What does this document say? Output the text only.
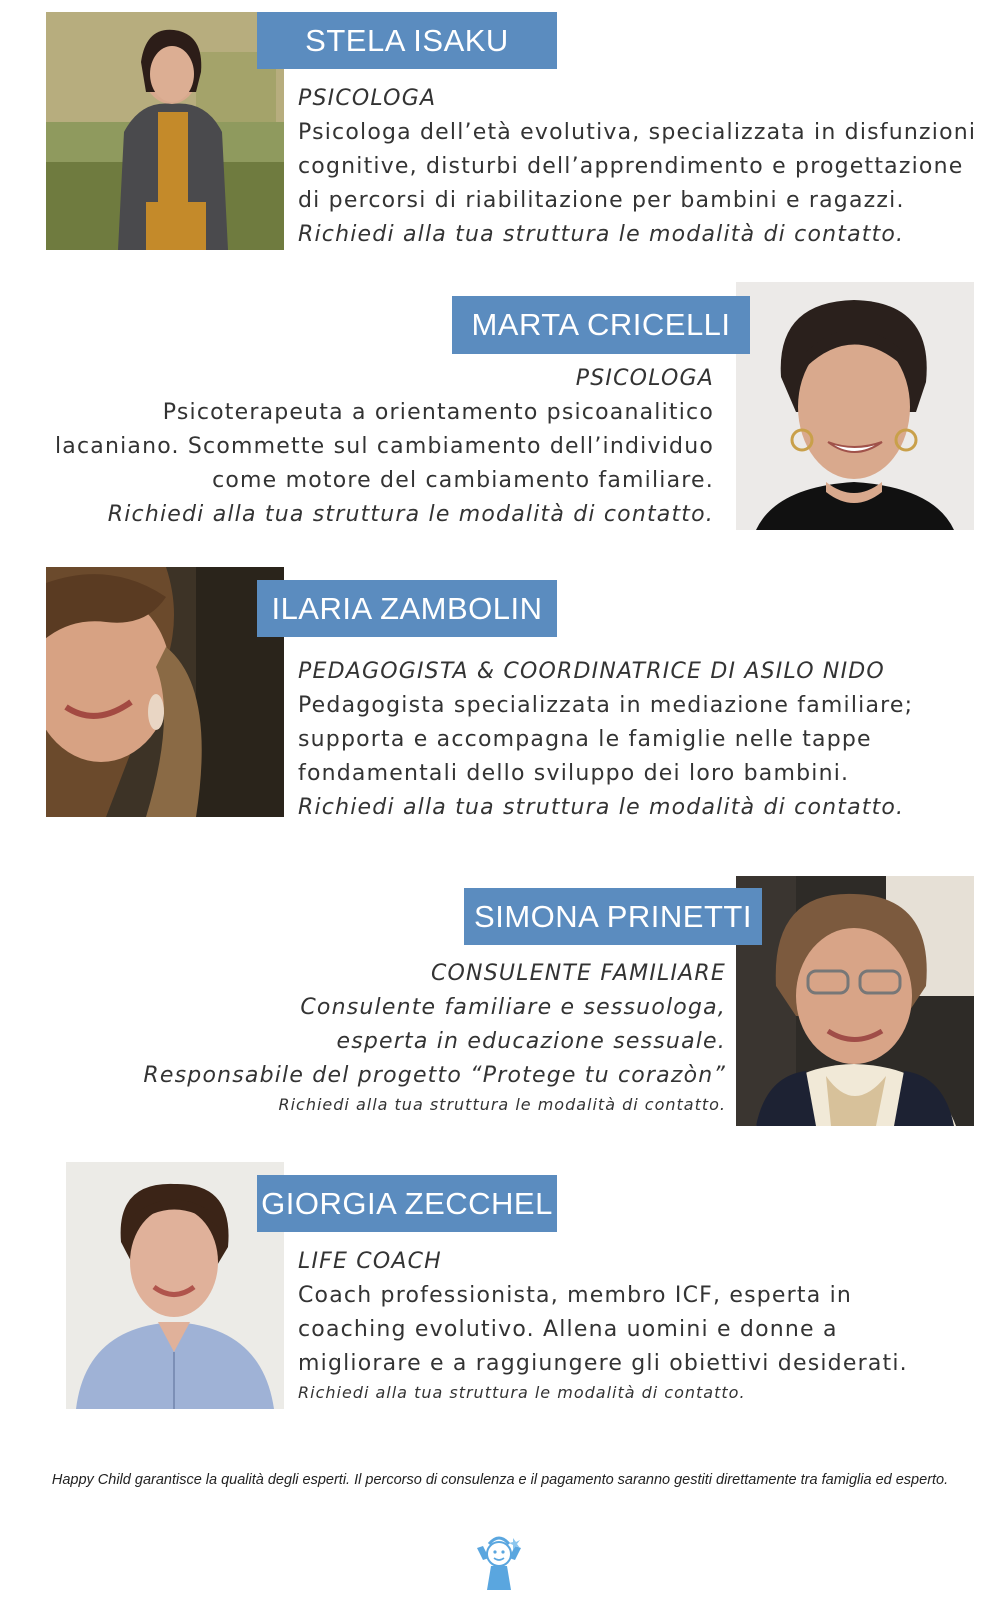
STELA ISAKU
PSICOLOGA
Psicologa dell’età evolutiva, specializzata in disfunzioni
cognitive, disturbi dell’apprendimento e progettazione
di percorsi di riabilitazione per bambini e ragazzi.
Richiedi alla tua struttura le modalità di contatto.
MARTA CRICELLI
PSICOLOGA
Psicoterapeuta a orientamento psicoanalitico
lacaniano. Scommette sul cambiamento dell’individuo
come motore del cambiamento familiare.
Richiedi alla tua struttura le modalità di contatto.
ILARIA ZAMBOLIN
PEDAGOGISTA & COORDINATRICE DI ASILO NIDO
Pedagogista specializzata in mediazione familiare;
supporta e accompagna le famiglie nelle tappe
fondamentali dello sviluppo dei loro bambini.
Richiedi alla tua struttura le modalità di contatto.
SIMONA PRINETTI
CONSULENTE FAMILIARE
Consulente familiare e sessuologa,
esperta in educazione sessuale.
Responsabile del progetto “Protege tu corazòn”
Richiedi alla tua struttura le modalità di contatto.
GIORGIA ZECCHEL
LIFE COACH
Coach professionista, membro ICF, esperta in
coaching evolutivo. Allena uomini e donne a
migliorare e a raggiungere gli obiettivi desiderati.
Richiedi alla tua struttura le modalità di contatto.
Happy Child garantisce la qualità degli esperti. Il percorso di consulenza e il pagamento saranno gestiti direttamente tra famiglia ed esperto.
